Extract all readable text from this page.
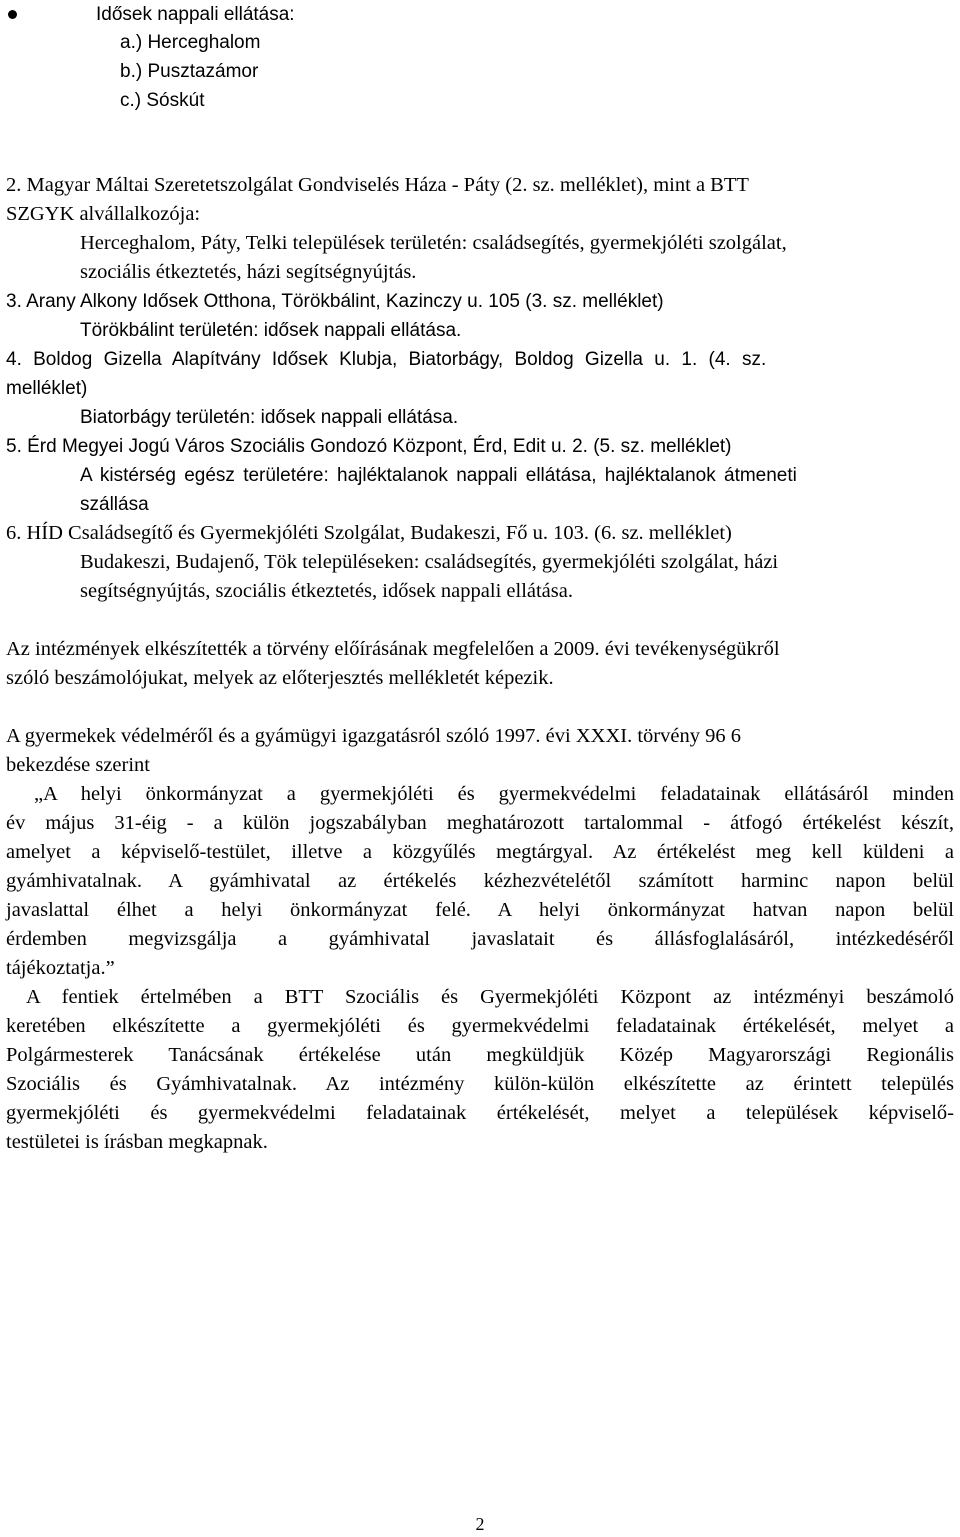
Idősek nappali ellátása:

a.) Herceghalom

b.) Pusztazámor

c.) Sóskút

2. Magyar Máltai Szeretetszolgálat Gondviselés Háza - Páty (2. sz. melléklet), mint a BTT

SZGYK alvállalkozója:

Herceghalom, Páty, Telki települések területén: családsegítés, gyermekjóléti szolgálat,

szociális étkeztetés, házi segítségnyújtás.

3. Arany Alkony Idősek Otthona, Törökbálint, Kazinczy u. 105 (3. sz. melléklet)

Törökbálint területén: idősek nappali ellátása.

4. Boldog Gizella Alapítvány Idősek Klubja, Biatorbágy, Boldog Gizella u. 1. (4. sz.

melléklet)

Biatorbágy területén: idősek nappali ellátása.

5. Érd Megyei Jogú Város Szociális Gondozó Központ, Érd, Edit u. 2. (5. sz. melléklet)

A kistérség egész területére: hajléktalanok nappali ellátása, hajléktalanok átmeneti

szállása

6. HÍD Családsegítő és Gyermekjóléti Szolgálat, Budakeszi, Fő u. 103. (6. sz. melléklet)

Budakeszi, Budajenő, Tök településeken: családsegítés, gyermekjóléti szolgálat, házi

segítségnyújtás, szociális étkeztetés, idősek nappali ellátása.

Az intézmények elkészítették a törvény előírásának megfelelően a 2009. évi tevékenységükről

szóló beszámolójukat, melyek az előterjesztés mellékletét képezik.

A gyermekek védelméről és a gyámügyi igazgatásról szóló 1997. évi XXXI. törvény 96 6

bekezdése szerint

„A helyi önkormányzat a gyermekjóléti és gyermekvédelmi feladatainak ellátásáról minden

év május 31-éig - a külön jogszabályban meghatározott tartalommal - átfogó értékelést készít,

amelyet a képviselő-testület, illetve a közgyűlés megtárgyal. Az értékelést meg kell küldeni a

gyámhivatalnak. A gyámhivatal az értékelés kézhezvételétől számított harminc napon belül

javaslattal élhet a helyi önkormányzat felé. A helyi önkormányzat hatvan napon belül

érdemben megvizsgálja a gyámhivatal javaslatait és állásfoglalásáról, intézkedéséről

tájékoztatja.”

A fentiek értelmében a BTT Szociális és Gyermekjóléti Központ az intézményi beszámoló

keretében elkészítette a gyermekjóléti és gyermekvédelmi feladatainak értékelését, melyet a

Polgármesterek Tanácsának értékelése után megküldjük Közép Magyarországi Regionális

Szociális és Gyámhivatalnak. Az intézmény külön-külön elkészítette az érintett település

gyermekjóléti és gyermekvédelmi feladatainak értékelését, melyet a települések képviselő-

testületei is írásban megkapnak.

2
